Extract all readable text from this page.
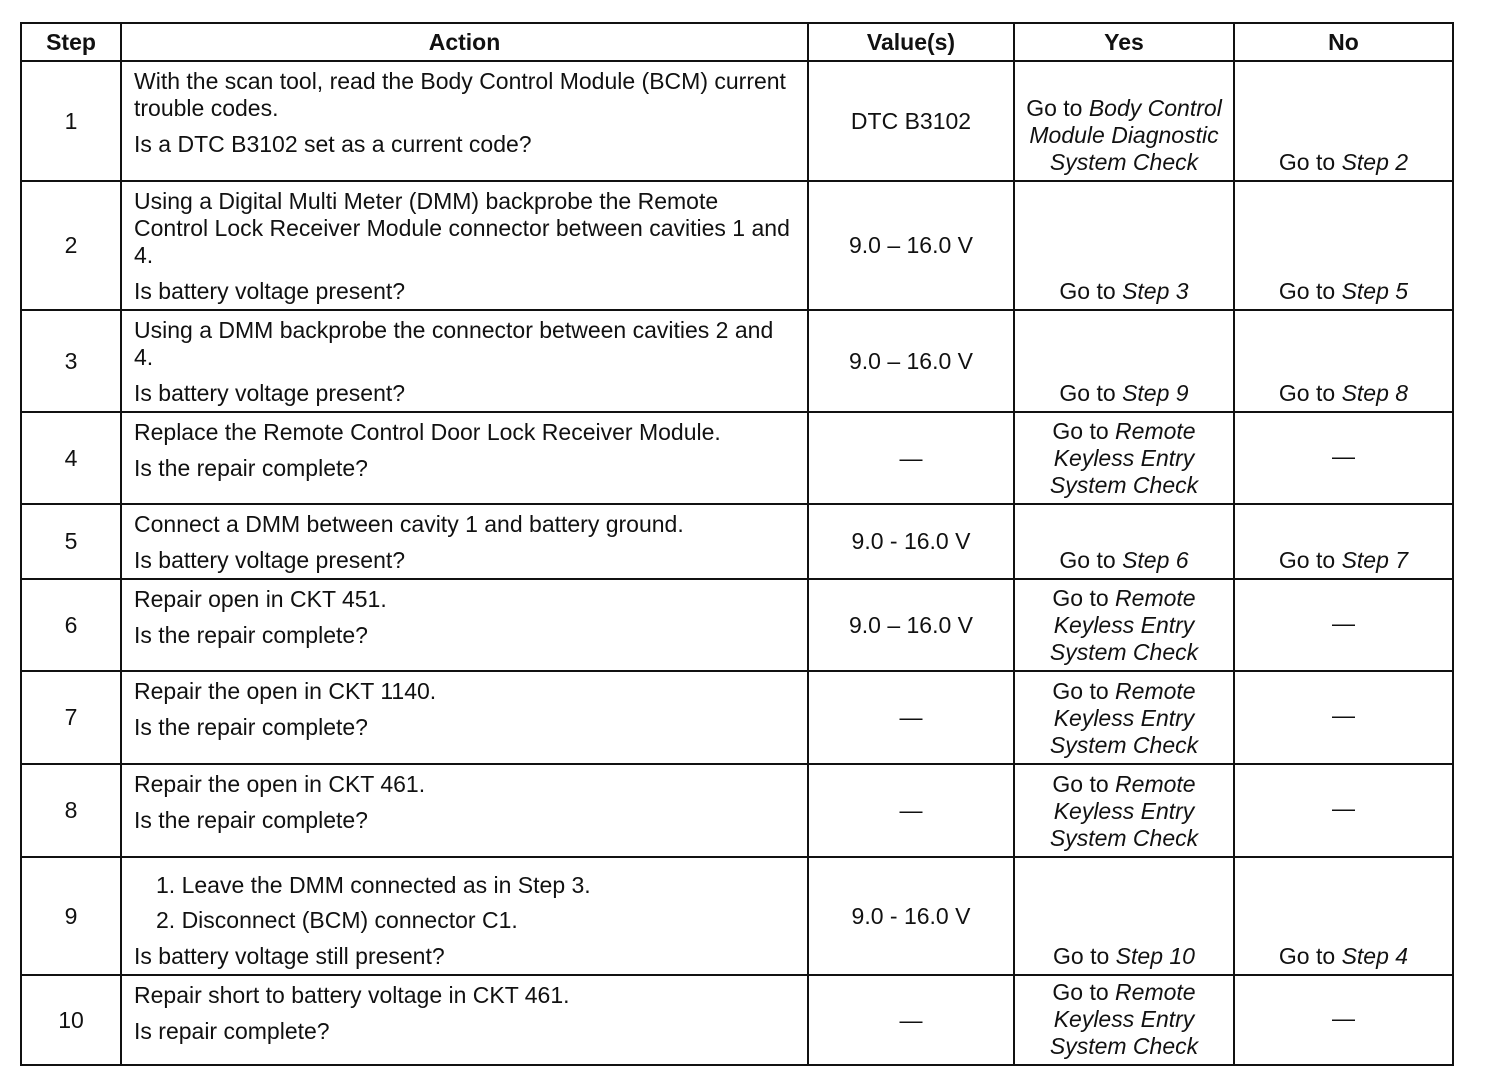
Step	Action	Value(s)	Yes	No
1	With the scan tool, read the Body Control Module (BCM) current trouble codes.

Is a DTC B3102 set as a current code?	DTC B3102	Go to Body Control Module Diagnostic System Check	Go to Step 2
2	Using a Digital Multi Meter (DMM) backprobe the Remote Control Lock Receiver Module connector between cavities 1 and 4.

Is battery voltage present?	9.0 – 16.0 V	Go to Step 3	Go to Step 5
3	Using a DMM backprobe the connector between cavities 2 and 4.

Is battery voltage present?	9.0 – 16.0 V	Go to Step 9	Go to Step 8
4	Replace the Remote Control Door Lock Receiver Module.

Is the repair complete?	—	Go to Remote Keyless Entry System Check	—
5	Connect a DMM between cavity 1 and battery ground.

Is battery voltage present?	9.0 - 16.0 V	Go to Step 6	Go to Step 7
6	Repair open in CKT 451.

Is the repair complete?	9.0 – 16.0 V	Go to Remote Keyless Entry System Check	—
7	Repair the open in CKT 1140.

Is the repair complete?	—	Go to Remote Keyless Entry System Check	—
8	Repair the open in CKT 461.

Is the repair complete?	—	Go to Remote Keyless Entry System Check	—
9	1. Leave the DMM connected as in Step 3.

2. Disconnect (BCM) connector C1.

Is battery voltage still present?	9.0 - 16.0 V	Go to Step 10	Go to Step 4
10	Repair short to battery voltage in CKT 461.

Is repair complete?	—	Go to Remote Keyless Entry System Check	—
